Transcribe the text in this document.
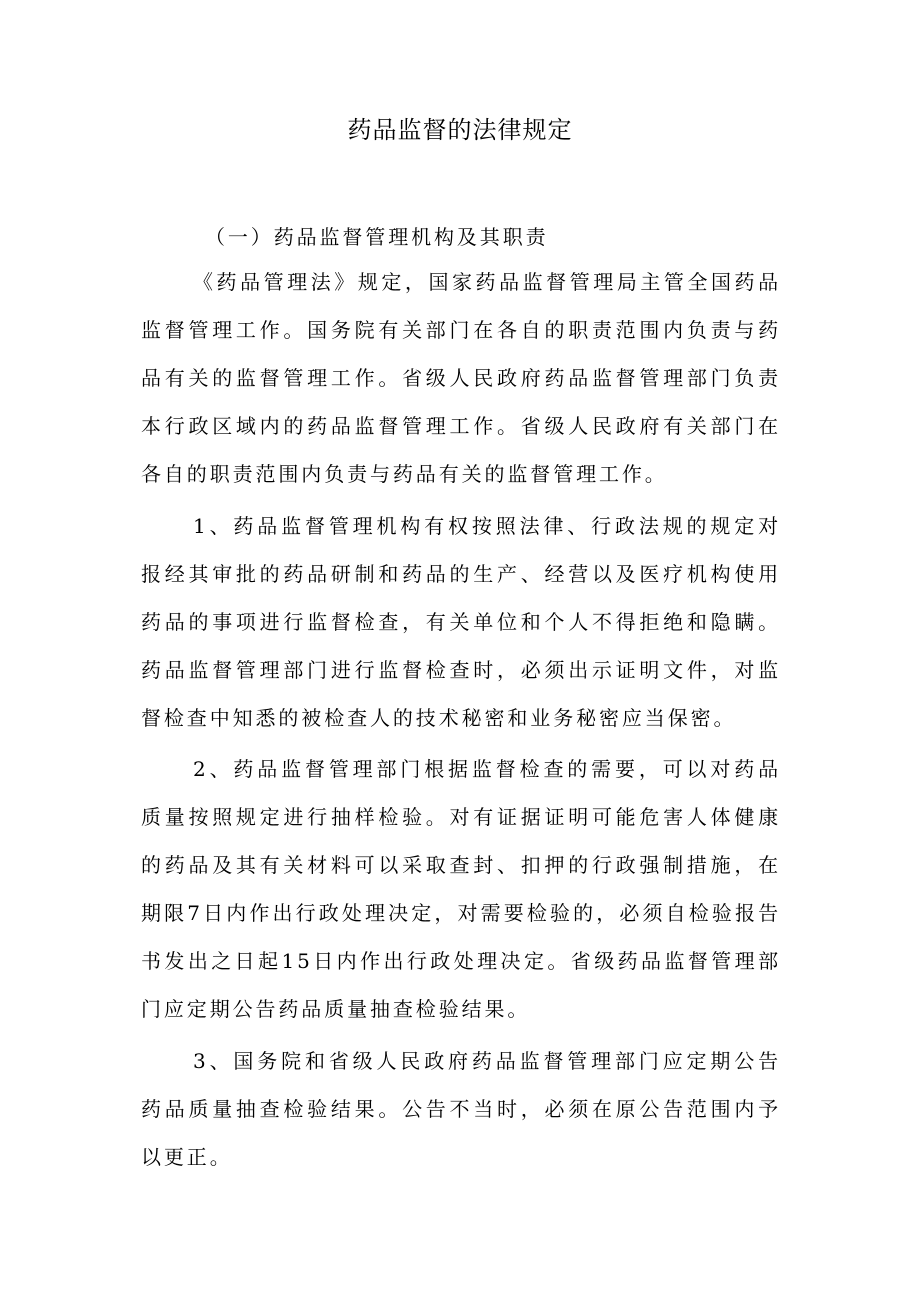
药品监督的法律规定
（一）药品监督管理机构及其职责

《药品管理法》规定，国家药品监督管理局主管全国药品监督管理工作。国务院有关部门在各自的职责范围内负责与药品有关的监督管理工作。省级人民政府药品监督管理部门负责本行政区域内的药品监督管理工作。省级人民政府有关部门在各自的职责范围内负责与药品有关的监督管理工作。

1、药品监督管理机构有权按照法律、行政法规的规定对报经其审批的药品研制和药品的生产、经营以及医疗机构使用药品的事项进行监督检查，有关单位和个人不得拒绝和隐瞒。药品监督管理部门进行监督检查时，必须出示证明文件，对监督检查中知悉的被检查人的技术秘密和业务秘密应当保密。

2、药品监督管理部门根据监督检查的需要，可以对药品质量按照规定进行抽样检验。对有证据证明可能危害人体健康的药品及其有关材料可以采取查封、扣押的行政强制措施，在期限7日内作出行政处理决定，对需要检验的，必须自检验报告书发出之日起15日内作出行政处理决定。省级药品监督管理部门应定期公告药品质量抽查检验结果。

3、国务院和省级人民政府药品监督管理部门应定期公告药品质量抽查检验结果。公告不当时，必须在原公告范围内予以更正。
